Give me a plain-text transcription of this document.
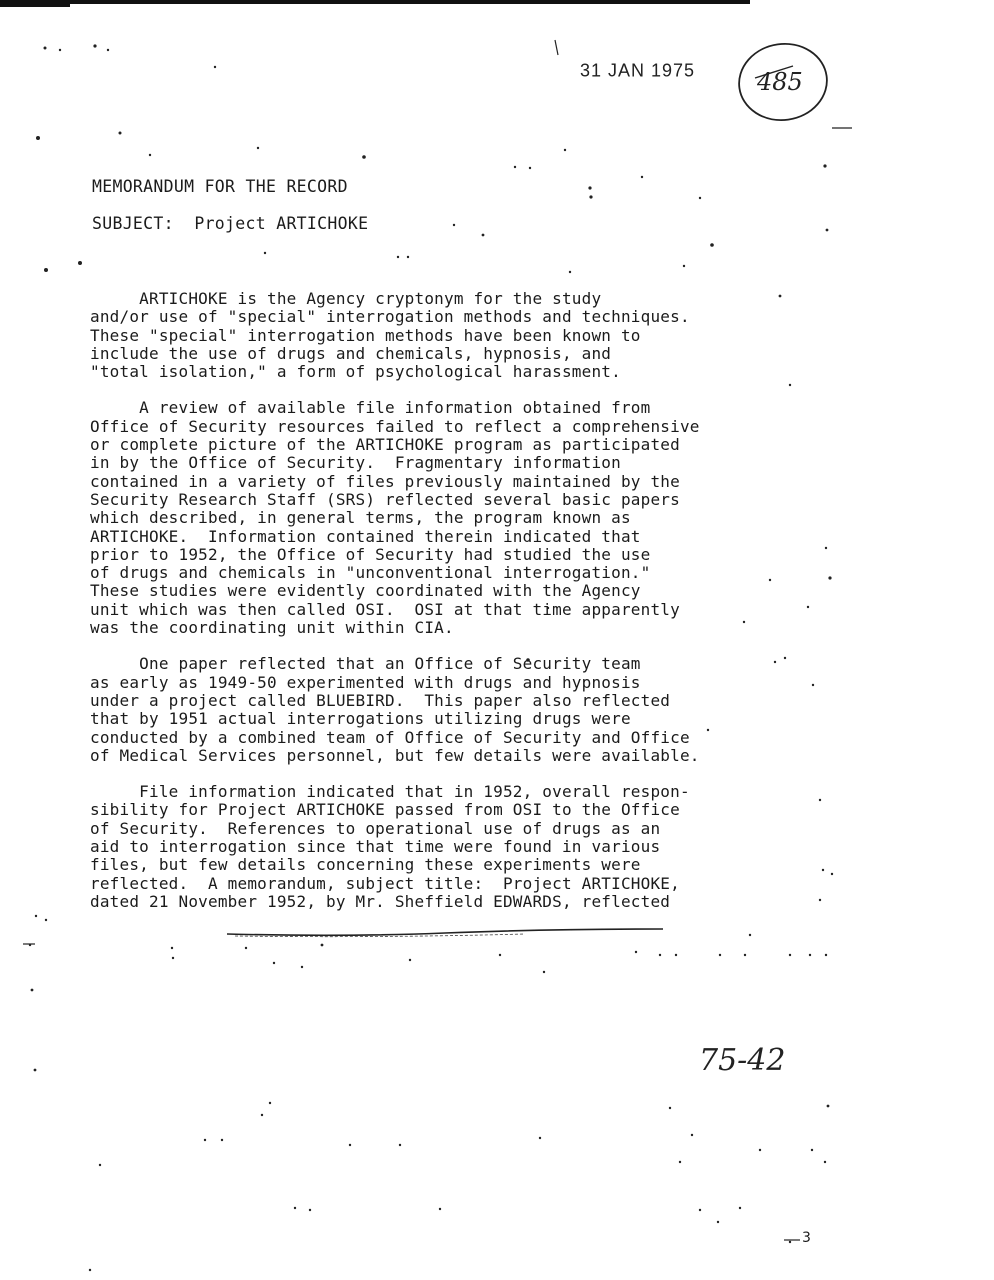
31 JAN 1975	485
MEMORANDUM FOR THE RECORD
SUBJECT: Project ARTICHOKE
ARTICHOKE is the Agency cryptonym for the study
and/or use of "special" interrogation methods and techniques.
These "special" interrogation methods have been known to
include the use of drugs and chemicals, hypnosis, and
"total isolation," a form of psychological harassment.
A review of available file information obtained from
Office of Security resources failed to reflect a comprehensive
or complete picture of the ARTICHOKE program as participated
in by the Office of Security.  Fragmentary information
contained in a variety of files previously maintained by the
Security Research Staff (SRS) reflected several basic papers
which described, in general terms, the program known as
ARTICHOKE.  Information contained therein indicated that
prior to 1952, the Office of Security had studied the use
of drugs and chemicals in "unconventional interrogation."
These studies were evidently coordinated with the Agency
unit which was then called OSI.  OSI at that time apparently
was the coordinating unit within CIA.
One paper reflected that an Office of Security team
as early as 1949-50 experimented with drugs and hypnosis
under a project called BLUEBIRD.  This paper also reflected
that by 1951 actual interrogations utilizing drugs were
conducted by a combined team of Office of Security and Office
of Medical Services personnel, but few details were available.
File information indicated that in 1952, overall respon-
sibility for Project ARTICHOKE passed from OSI to the Office
of Security.  References to operational use of drugs as an
aid to interrogation since that time were found in various
files, but few details concerning these experiments were
reflected.  A memorandum, subject title:  Project ARTICHOKE,
dated 21 November 1952, by Mr. Sheffield EDWARDS, reflected
75-42
3
